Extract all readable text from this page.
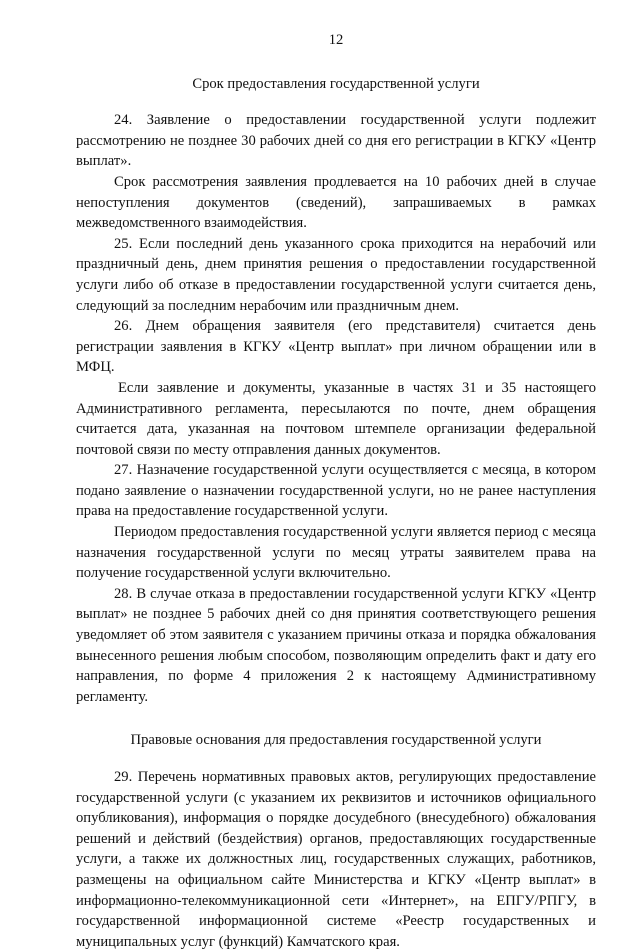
12
Срок предоставления государственной услуги

24. Заявление о предоставлении государственной услуги подлежит рассмотрению не позднее 30 рабочих дней со дня его регистрации в КГКУ «Центр выплат».

Срок рассмотрения заявления продлевается на 10 рабочих дней в случае непоступления документов (сведений), запрашиваемых в рамках межведомственного взаимодействия.

25. Если последний день указанного срока приходится на нерабочий или праздничный день, днем принятия решения о предоставлении государственной услуги либо об отказе в предоставлении государственной услуги считается день, следующий за последним нерабочим или праздничным днем.

26. Днем обращения заявителя (его представителя) считается день регистрации заявления в КГКУ «Центр выплат» при личном обращении или в МФЦ.

Если заявление и документы, указанные в частях 31 и 35 настоящего Административного регламента, пересылаются по почте, днем обращения считается дата, указанная на почтовом штемпеле организации федеральной почтовой связи по месту отправления данных документов.

27. Назначение государственной услуги осуществляется с месяца, в котором подано заявление о назначении государственной услуги, но не ранее наступления права на предоставление государственной услуги.

Периодом предоставления государственной услуги является период с месяца назначения государственной услуги по месяц утраты заявителем права на получение государственной услуги включительно.

28. В случае отказа в предоставлении государственной услуги КГКУ «Центр выплат» не позднее 5 рабочих дней со дня принятия соответствующего решения уведомляет об этом заявителя с указанием причины отказа и порядка обжалования вынесенного решения любым способом, позволяющим определить факт и дату его направления, по форме 4 приложения 2 к настоящему Административному регламенту.

Правовые основания для предоставления государственной услуги

29. Перечень нормативных правовых актов, регулирующих предоставление государственной услуги (с указанием их реквизитов и источников официального опубликования), информация о порядке досудебного (внесудебного) обжалования решений и действий (бездействия) органов, предоставляющих государственные услуги, а также их должностных лиц, государственных служащих, работников, размещены на официальном сайте Министерства и КГКУ «Центр выплат» в информационно-телекоммуникационной сети «Интернет», на ЕПГУ/РПГУ, в государственной информационной системе «Реестр государственных и муниципальных услуг (функций) Камчатского края.
